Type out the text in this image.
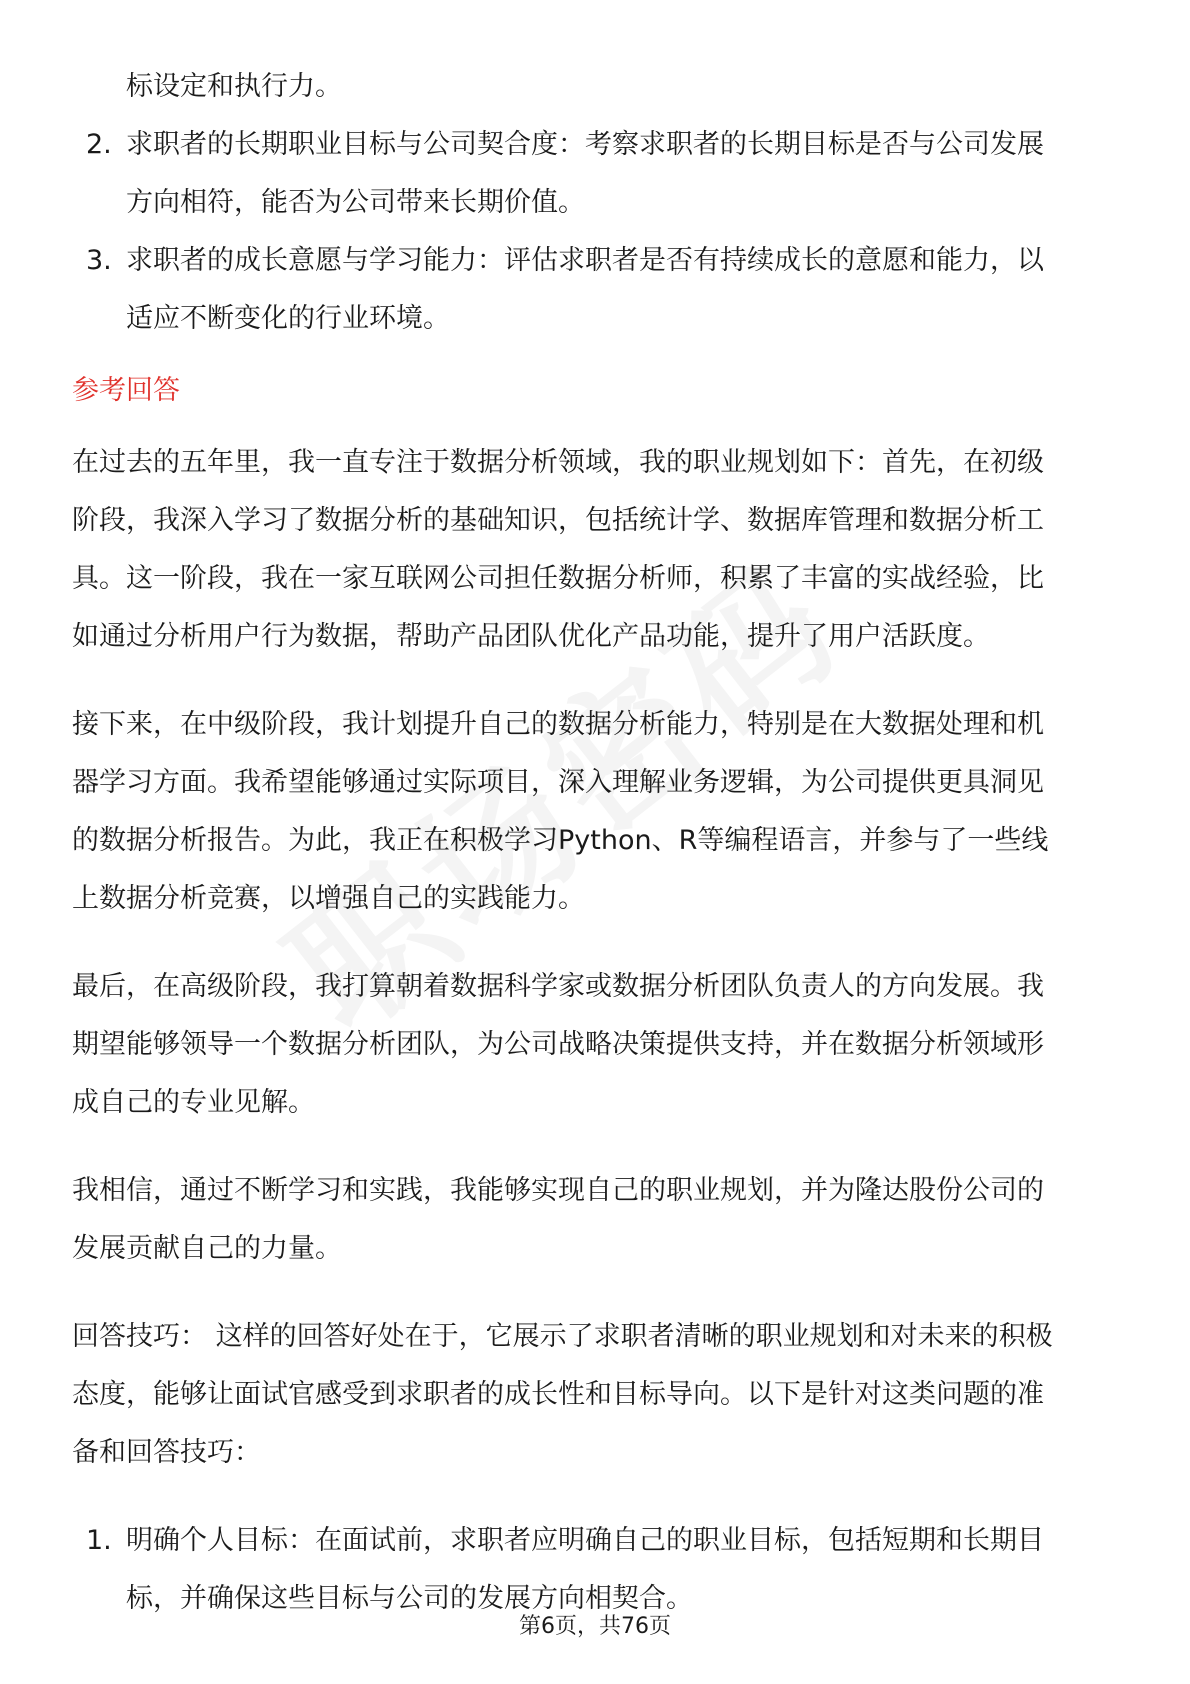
标设定和执行力。

2. 求职者的长期职业目标与公司契合度：考察求职者的长期目标是否与公司发展

方向相符，能否为公司带来长期价值。

3. 求职者的成长意愿与学习能力：评估求职者是否有持续成长的意愿和能力，以

适应不断变化的行业环境。

参考回答

在过去的五年里，我一直专注于数据分析领域，我的职业规划如下：首先，在初级

阶段，我深入学习了数据分析的基础知识，包括统计学、数据库管理和数据分析工

具。这一阶段，我在一家互联网公司担任数据分析师，积累了丰富的实战经验，比

如通过分析用户行为数据，帮助产品团队优化产品功能，提升了用户活跃度。

接下来，在中级阶段，我计划提升自己的数据分析能力，特别是在大数据处理和机

器学习方面。我希望能够通过实际项目，深入理解业务逻辑，为公司提供更具洞见

的数据分析报告。为此，我正在积极学习Python、R等编程语言，并参与了一些线

上数据分析竞赛，以增强自己的实践能力。

最后，在高级阶段，我打算朝着数据科学家或数据分析团队负责人的方向发展。我

期望能够领导一个数据分析团队，为公司战略决策提供支持，并在数据分析领域形

成自己的专业见解。

我相信，通过不断学习和实践，我能够实现自己的职业规划，并为隆达股份公司的

发展贡献自己的力量。

回答技巧： 这样的回答好处在于，它展示了求职者清晰的职业规划和对未来的积极

态度，能够让面试官感受到求职者的成长性和目标导向。以下是针对这类问题的准

备和回答技巧：

1. 明确个人目标：在面试前，求职者应明确自己的职业目标，包括短期和长期目

标，并确保这些目标与公司的发展方向相契合。

第6页，共76页
